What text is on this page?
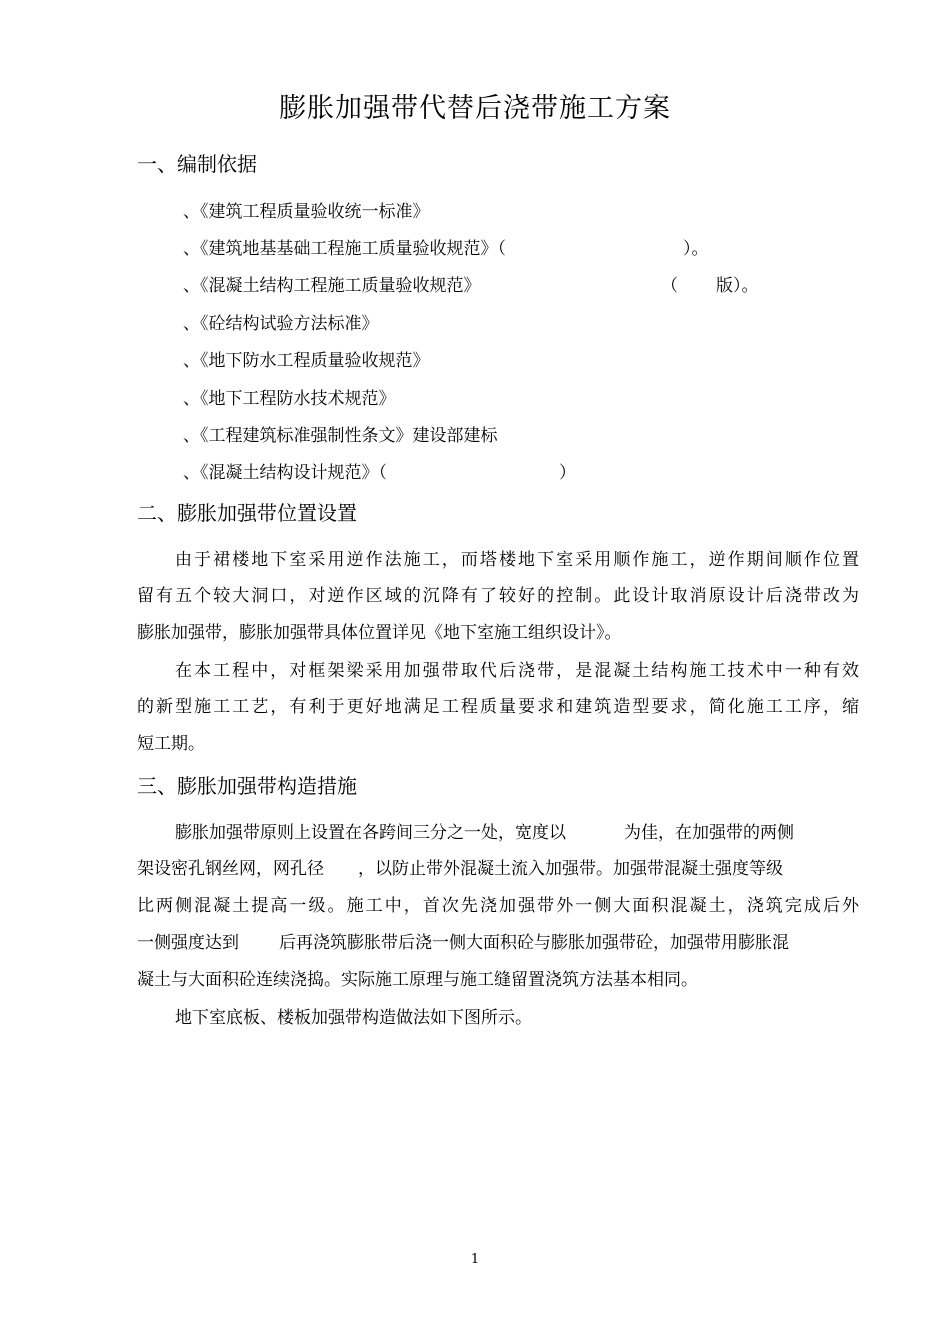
膨胀加强带代替后浇带施工方案
一、编制依据
、《建筑工程质量验收统一标准》
、《建筑地基基础工程施工质量验收规范》（	）。
、《混凝土结构工程施工质量验收规范》	（ 版）。
、《砼结构试验方法标准》
、《地下防水工程质量验收规范》
、《地下工程防水技术规范》
、《工程建筑标准强制性条文》建设部建标
、《混凝土结构设计规范》（	）
二、膨胀加强带位置设置
由于裙楼地下室采用逆作法施工，而塔楼地下室采用顺作施工，逆作期间顺作位置
留有五个较大洞口，对逆作区域的沉降有了较好的控制。此设计取消原设计后浇带改为
膨胀加强带，膨胀加强带具体位置详见《地下室施工组织设计》。
在本工程中，对框架梁采用加强带取代后浇带，是混凝土结构施工技术中一种有效
的新型施工工艺，有利于更好地满足工程质量要求和建筑造型要求，简化施工工序，缩
短工期。
三、膨胀加强带构造措施
膨胀加强带原则上设置在各跨间三分之一处，宽度以	为佳，在加强带的两侧
架设密孔钢丝网，网孔径 ，以防止带外混凝土流入加强带。加强带混凝土强度等级
比两侧混凝土提高一级。施工中，首次先浇加强带外一侧大面积混凝土，浇筑完成后外
一侧强度达到 后再浇筑膨胀带后浇一侧大面积砼与膨胀加强带砼，加强带用膨胀混
凝土与大面积砼连续浇捣。实际施工原理与施工缝留置浇筑方法基本相同。
地下室底板、楼板加强带构造做法如下图所示。
1
